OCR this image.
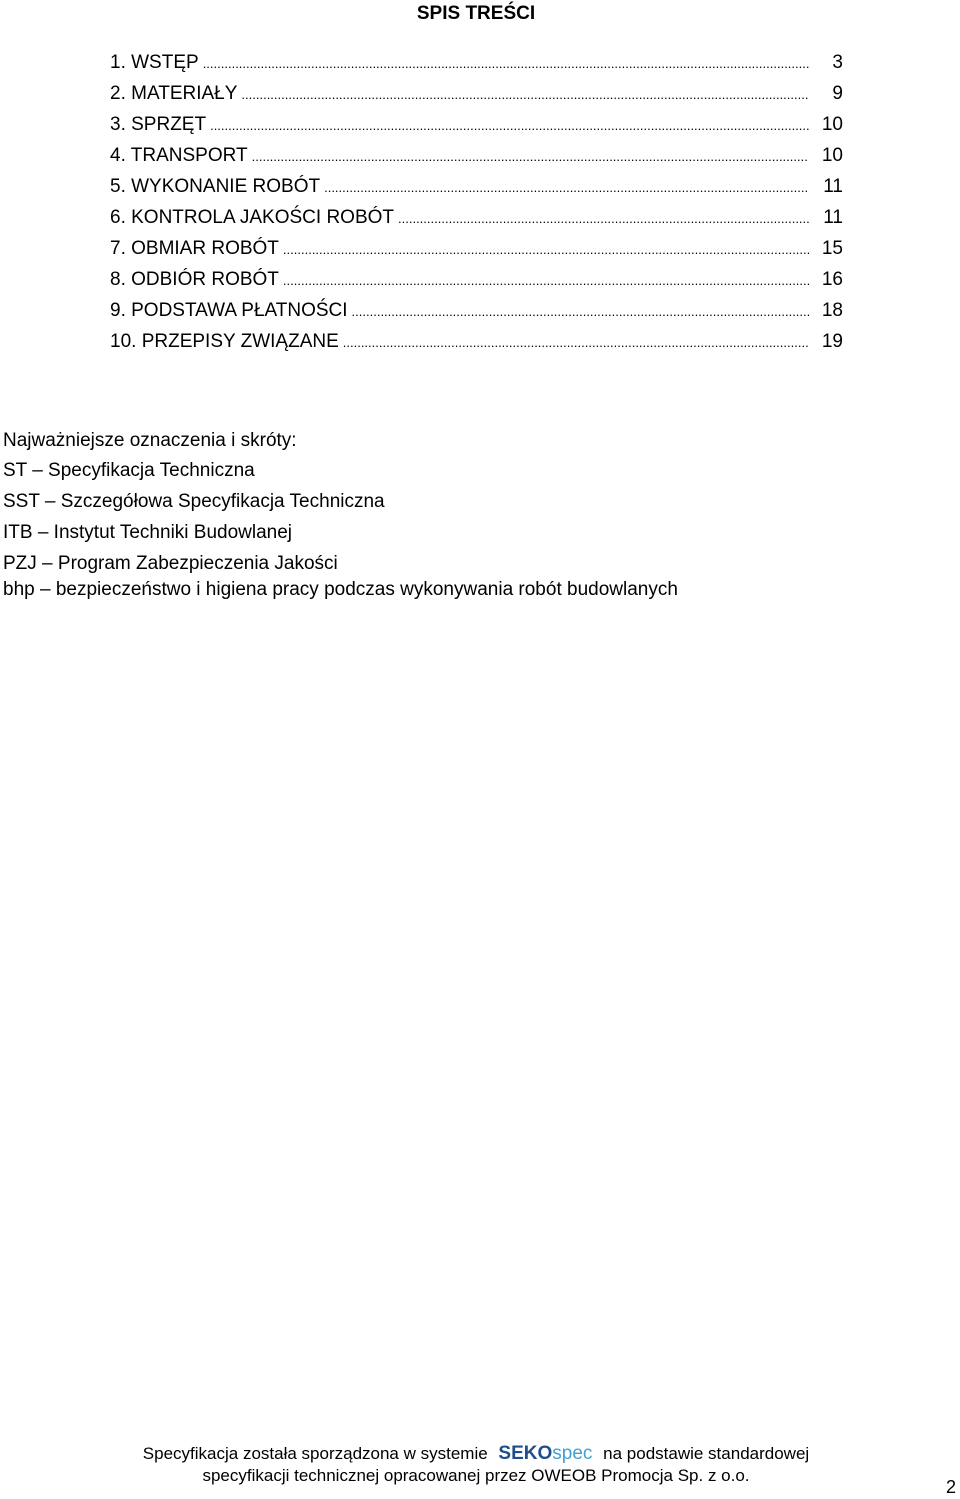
SPIS TREŚCI
1. WSTĘP .....	3
2. MATERIAŁY .....	9
3. SPRZĘT .....	10
4. TRANSPORT .....	10
5. WYKONANIE ROBÓT .....	11
6. KONTROLA JAKOŚCI ROBÓT .....	11
7. OBMIAR ROBÓT .....	15
8. ODBIÓR ROBÓT .....	16
9. PODSTAWA PŁATNOŚCI .....	18
10. PRZEPISY ZWIĄZANE .....	19
Najważniejsze oznaczenia i skróty:
ST – Specyfikacja Techniczna
SST – Szczegółowa Specyfikacja Techniczna
ITB – Instytut Techniki Budowlanej
PZJ – Program Zabezpieczenia Jakości
bhp – bezpieczeństwo i higiena pracy podczas wykonywania robót budowlanych
Specyfikacja została sporządzona w systemie SEKOspec na podstawie standardowej
specyfikacji technicznej opracowanej przez OWEOB Promocja Sp. z o.o.
2
